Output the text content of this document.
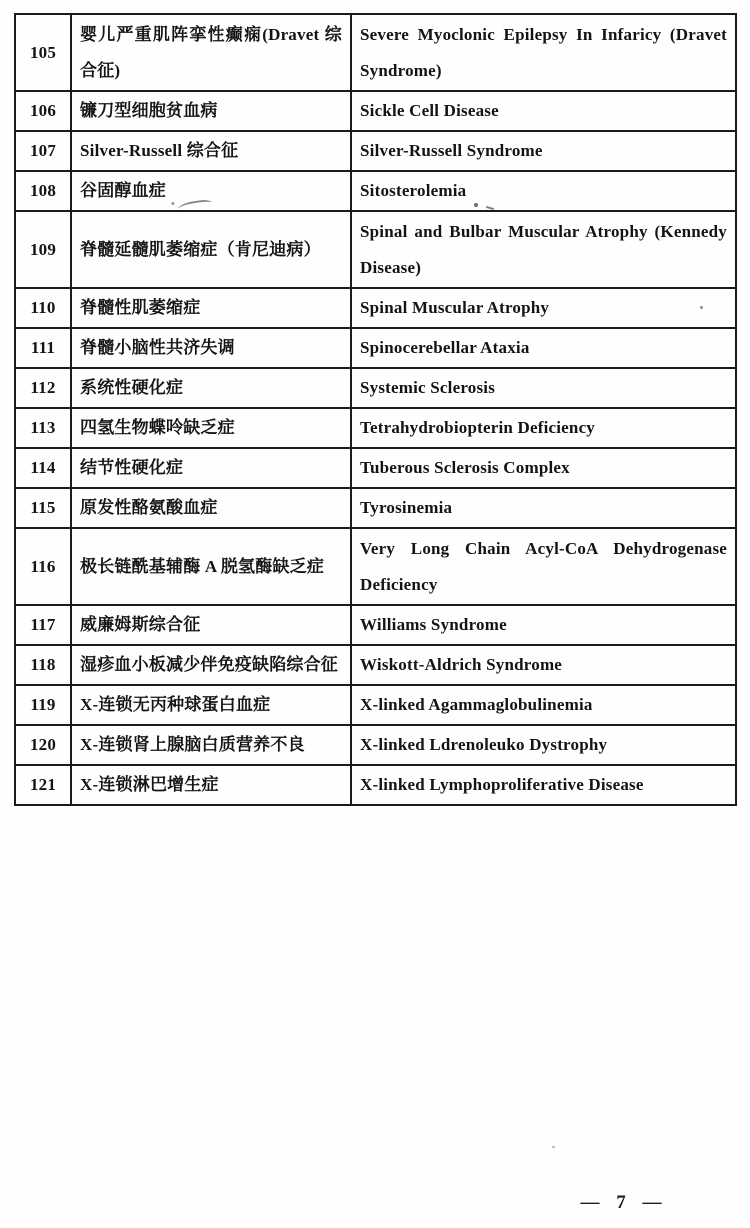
105	婴儿严重肌阵挛性癫痫(Dravet 综合征)	Severe Myoclonic Epilepsy In Infaricy (Dravet Syndrome)
106	镰刀型细胞贫血病	Sickle Cell Disease
107	Silver-Russell 综合征	Silver-Russell Syndrome
108	谷固醇血症	Sitosterolemia
109	脊髓延髓肌萎缩症（肯尼迪病）	Spinal and Bulbar Muscular Atrophy (Kennedy Disease)
110	脊髓性肌萎缩症	Spinal Muscular Atrophy
111	脊髓小脑性共济失调	Spinocerebellar Ataxia
112	系统性硬化症	Systemic Sclerosis
113	四氢生物蝶呤缺乏症	Tetrahydrobiopterin Deficiency
114	结节性硬化症	Tuberous Sclerosis Complex
115	原发性酪氨酸血症	Tyrosinemia
116	极长链酰基辅酶 A 脱氢酶缺乏症	Very Long Chain Acyl-CoA Dehydrogenase Deficiency
117	威廉姆斯综合征	Williams Syndrome
118	湿疹血小板减少伴免疫缺陷综合征	Wiskott-Aldrich Syndrome
119	X-连锁无丙种球蛋白血症	X-linked Agammaglobulinemia
120	X-连锁肾上腺脑白质营养不良	X-linked Ldrenoleuko Dystrophy
121	X-连锁淋巴增生症	X-linked Lymphoproliferative Disease
— 7 —
